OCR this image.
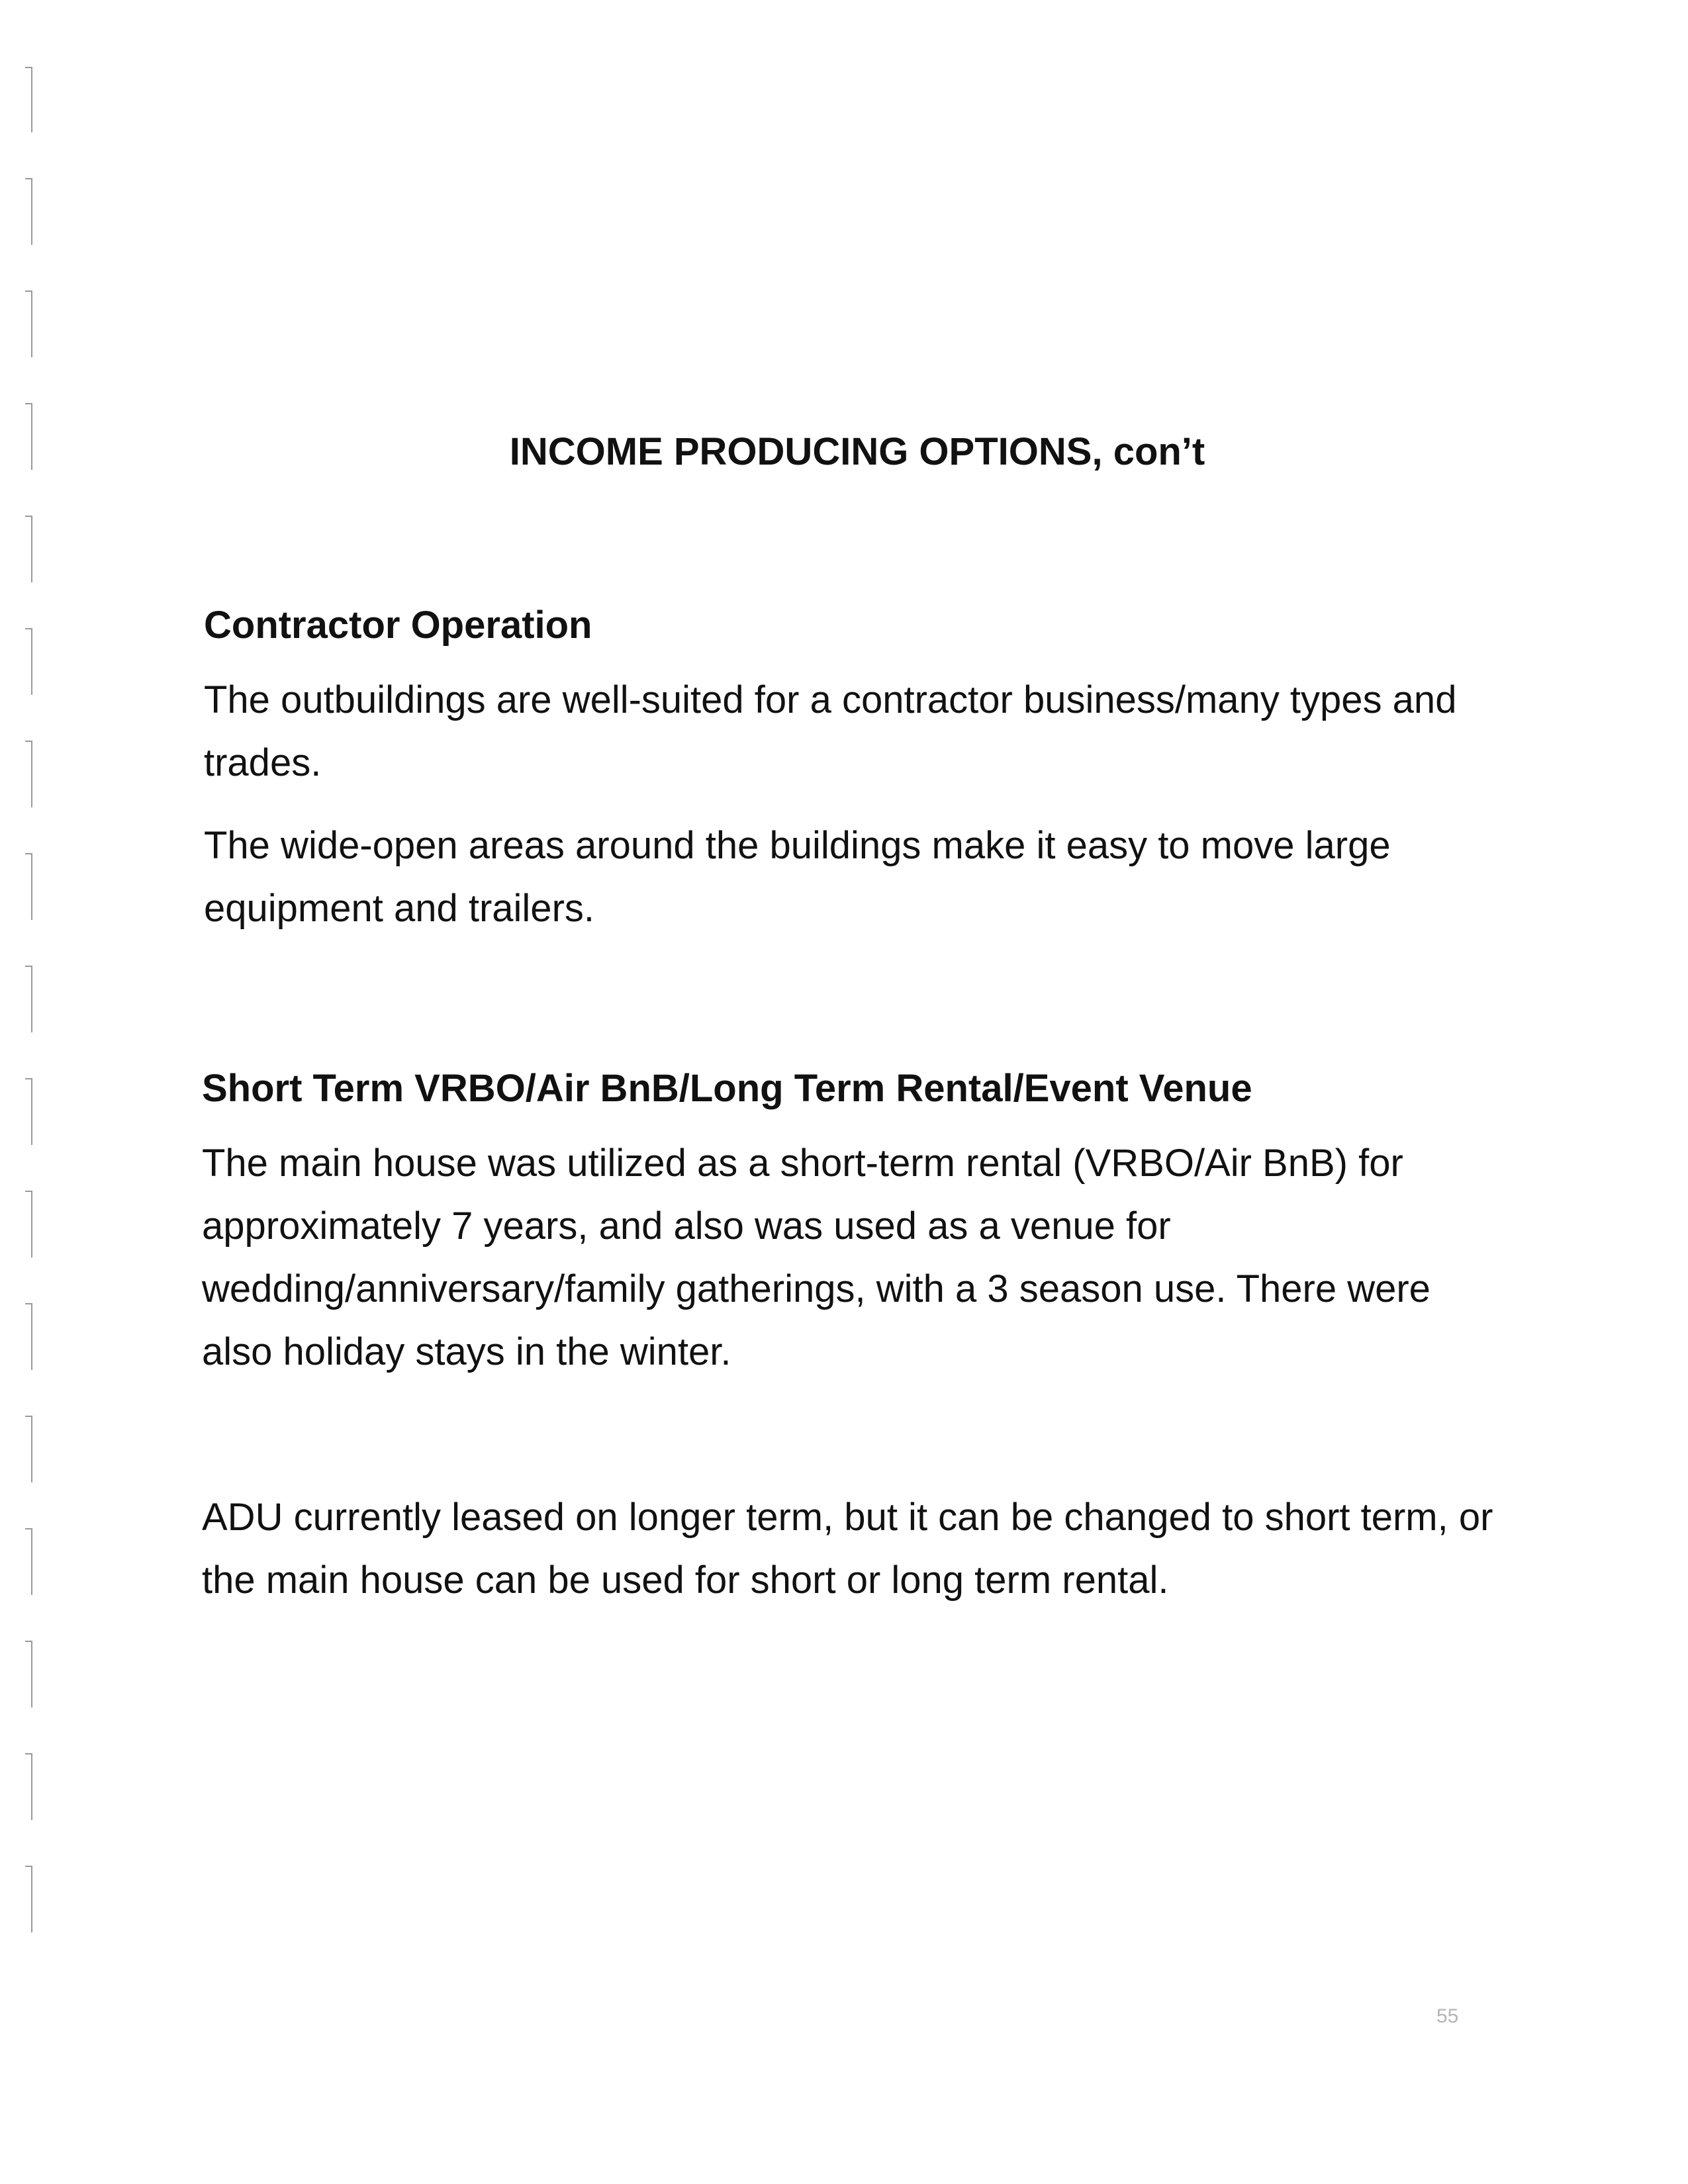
INCOME PRODUCING OPTIONS, con’t
Contractor Operation

The outbuildings are well-suited for a contractor business/many types and trades.

The wide-open areas around the buildings make it easy to move large equipment and trailers.

Short Term VRBO/Air BnB/Long Term Rental/Event Venue

The main house was utilized as a short-term rental (VRBO/Air BnB) for approximately 7 years, and also was used as a venue for wedding/anniversary/family gatherings, with a 3 season use. There were also holiday stays in the winter.

ADU currently leased on longer term, but it can be changed to short term, or the main house can be used for short or long term rental.

55
